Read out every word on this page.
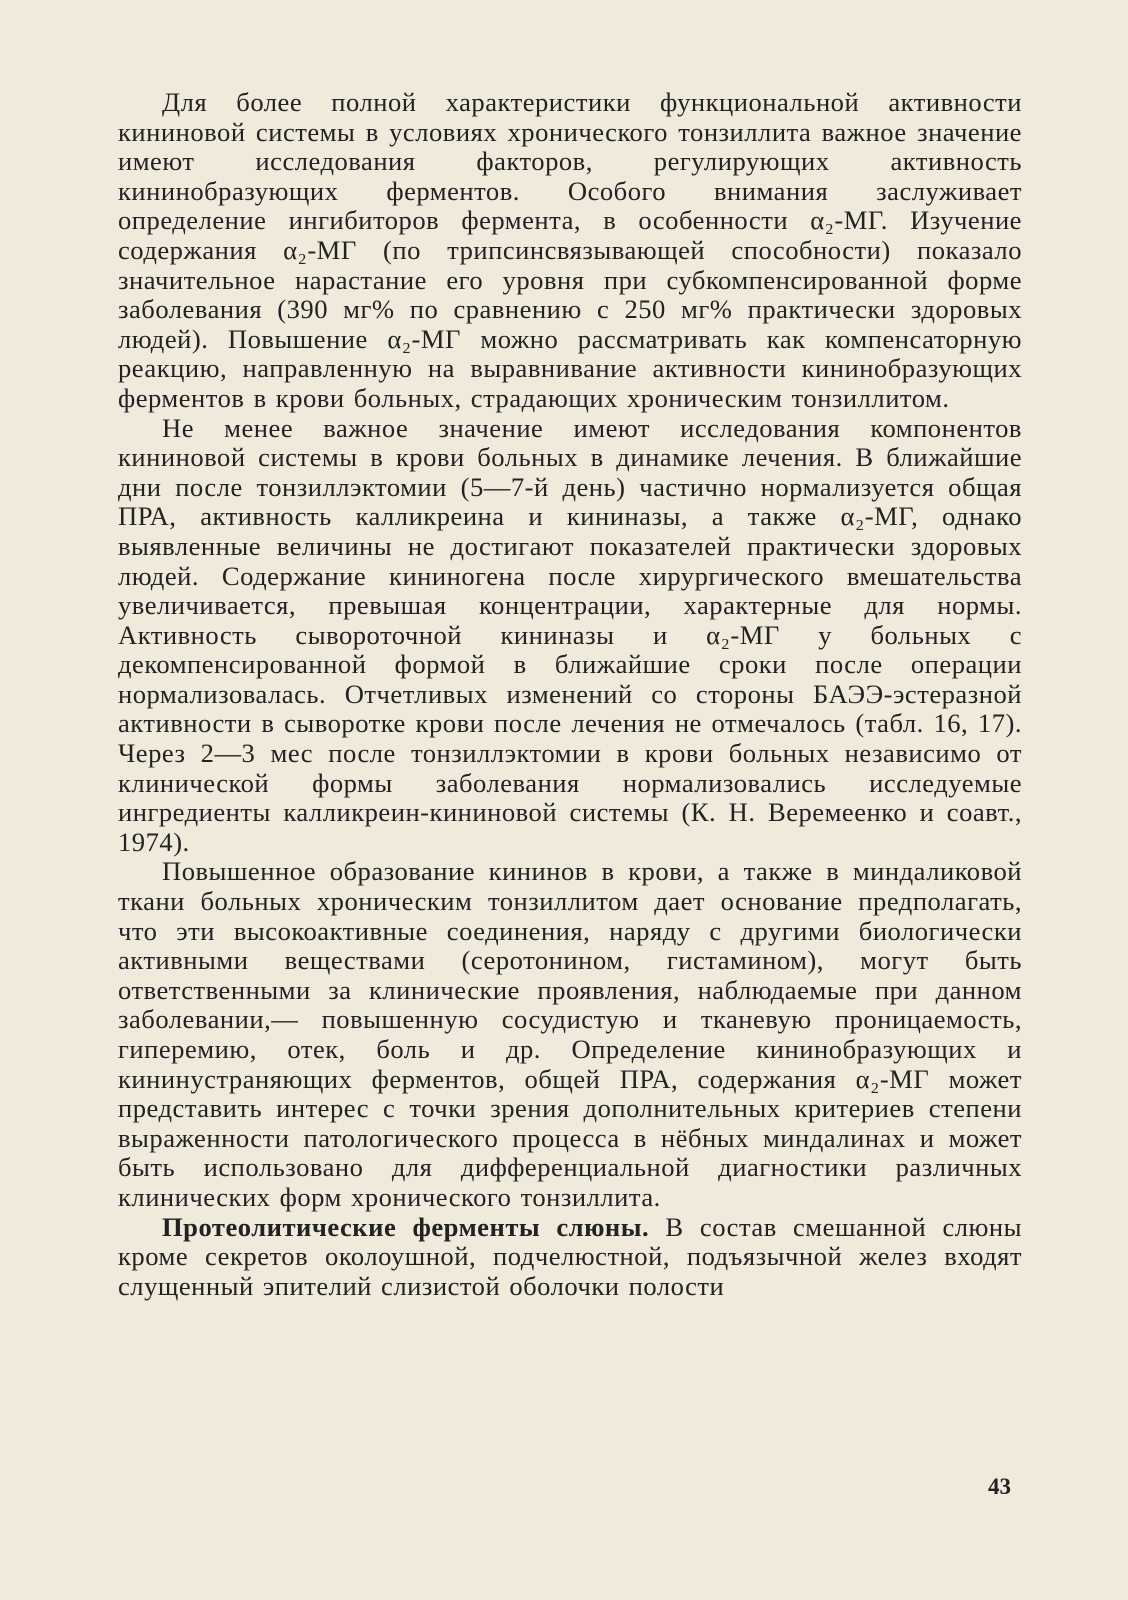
Для более полной характеристики функциональной активности кининовой системы в условиях хронического тонзиллита важное значение имеют исследования факторов, регулирующих активность кининобразующих ферментов. Особого внимания заслуживает определение ингибиторов фермента, в особенности α₂-МГ. Изучение содержания α₂-МГ (по трипсинсвязывающей способности) показало значительное нарастание его уровня при субкомпенсированной форме заболевания (390 мг% по сравнению с 250 мг% практически здоровых людей). Повышение α₂-МГ можно рассматривать как компенсаторную реакцию, направленную на выравнивание активности кининобразующих ферментов в крови больных, страдающих хроническим тонзиллитом.

Не менее важное значение имеют исследования компонентов кининовой системы в крови больных в динамике лечения. В ближайшие дни после тонзиллэктомии (5—7-й день) частично нормализуется общая ПРА, активность калликреина и кининазы, а также α₂-МГ, однако выявленные величины не достигают показателей практически здоровых людей. Содержание кининогена после хирургического вмешательства увеличивается, превышая концентрации, характерные для нормы. Активность сывороточной кининазы и α₂-МГ у больных с декомпенсированной формой в ближайшие сроки после операции нормализовалась. Отчетливых изменений со стороны БАЭЭ-эстеразной активности в сыворотке крови после лечения не отмечалось (табл. 16, 17). Через 2—3 мес после тонзиллэктомии в крови больных независимо от клинической формы заболевания нормализовались исследуемые ингредиенты калликреин-кининовой системы (К. Н. Веремеенко и соавт., 1974).

Повышенное образование кининов в крови, а также в миндаликовой ткани больных хроническим тонзиллитом дает основание предполагать, что эти высокоактивные соединения, наряду с другими биологически активными веществами (серотонином, гистамином), могут быть ответственными за клинические проявления, наблюдаемые при данном заболевании,— повышенную сосудистую и тканевую проницаемость, гиперемию, отек, боль и др. Определение кининобразующих и кининустраняющих ферментов, общей ПРА, содержания α₂-МГ может представить интерес с точки зрения дополнительных критериев степени выраженности патологического процесса в нёбных миндалинах и может быть использовано для дифференциальной диагностики различных клинических форм хронического тонзиллита.

Протеолитические ферменты слюны. В состав смешанной слюны кроме секретов околоушной, подчелюстной, подъязычной желез входят слущенный эпителий слизистой оболочки полости

43
